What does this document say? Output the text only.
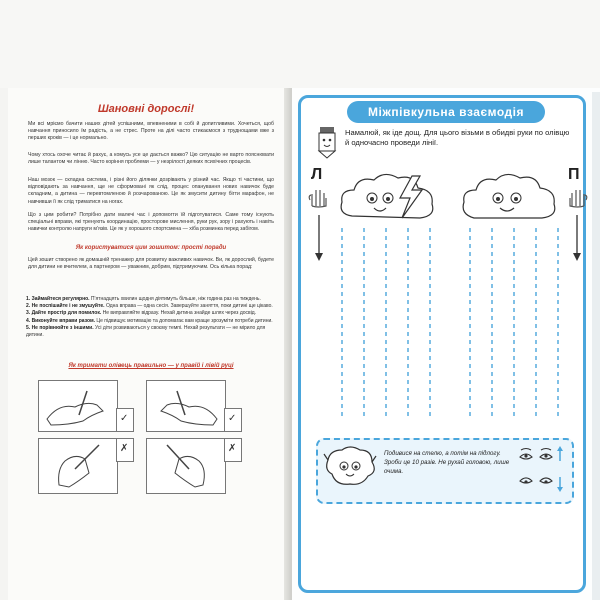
Шановні дорослі!
Ми всі мріємо бачити наших дітей успішними, впевненими в собі й допитливими. Хочеться, щоб навчання приносило їм радість, а не стрес. Проте на ділі часто стикаємося з труднощами вже з перших кроків — і це нормально.
Чому хтось охоче читає й рахує, а комусь усе це дається важко? Цю ситуацію не варто пояснювати лише талантом чи лінню. Часто коріння проблеми — у незрілості деяких психічних процесів.
Наш мозок — складна система, і різні його ділянки дозрівають у різний час. Якщо ті частини, що відповідають за навчання, ще не сформовані як слід, процес опанування нових навичок буде складним, а дитина — перевтомленою й розчарованою. Це як змусити дитину бігти марафон, не навчивши її як слід триматися на ногах.
Що з цим робити? Потрібно дати малечі час і допомогти їй підготуватися. Саме тому існують спеціальні вправи, які тренують координацію, просторове мислення, руки рук, зору і рахують і навіть навички контролю напруги м'язів. Це як у хорошого спортсмена — хіба розминка перед забігом.
Як користуватися цим зошитом: прості поради
Цей зошит створено як домашній тренажер для розвитку важливих навичок. Ви, як дорослий, будете для дитини не вчителем, а партнером — уважним, добрим, підтримуючим. Ось кілька порад:
1. Займайтеся регулярно. П'ятнадцять хвилин щодня діятимуть більше, ніж година раз на тиждень.
2. Не поспішайте і не змушуйте. Одна вправа — одна сесія. Завершуйте заняття, поки дитині ще цікаво.
3. Дайте простір для помилок. Не виправляйте відразу. Нехай дитина знайде шлях через досвід.
4. Виконуйте вправи разом. Це підвищує мотивацію та допомагає вам краще зрозуміти потреби дитини.
5. Не порівнюйте з іншими. Усі діти розвиваються у своєму темпі. Нехай результати — не мірило для дитини.
Як тримати олівець правильно — у правій і лівій руці
✓	✓
✗	✗
Міжпівкульна взаємодія
Намалюй, як іде дощ. Для цього візьми в обидві руки по олівцю й одночасно проведи лінії.
Л	П
Подивися на стелю, а потім на підлогу. Зроби це 10 разів. Не рухай головою, лише очима.
